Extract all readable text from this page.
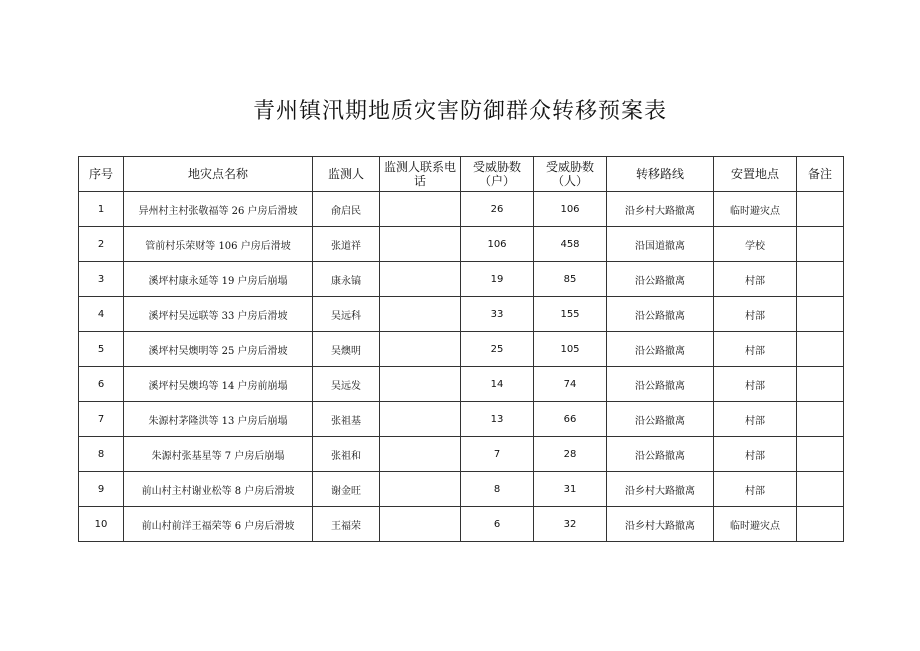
青州镇汛期地质灾害防御群众转移预案表
序号	地灾点名称	监测人	监测人联系电话	受威胁数（户）	受威胁数（人）	转移路线	安置地点	备注
1	异州村主村张敬福等 26 户房后滑坡	俞启民		26	106	沿乡村大路撤离	临时避灾点	
2	管前村乐荣财等 106 户房后滑坡	张道祥		106	458	沿国道撤离	学校	
3	溪坪村康永延等 19 户房后崩塌	康永镐		19	85	沿公路撤离	村部	
4	溪坪村吴远联等 33 户房后滑坡	吴远科		33	155	沿公路撤离	村部	
5	溪坪村吴燠明等 25 户房后滑坡	吴燠明		25	105	沿公路撤离	村部	
6	溪坪村吴燠坞等 14 户房前崩塌	吴远发		14	74	沿公路撤离	村部	
7	朱源村茅隆洪等 13 户房后崩塌	张祖基		13	66	沿公路撤离	村部	
8	朱源村张基星等 7 户房后崩塌	张祖和		7	28	沿公路撤离	村部	
9	前山村主村谢业松等 8 户房后滑坡	谢金旺		8	31	沿乡村大路撤离	村部	
10	前山村前洋王福荣等 6 户房后滑坡	王福荣		6	32	沿乡村大路撤离	临时避灾点	
